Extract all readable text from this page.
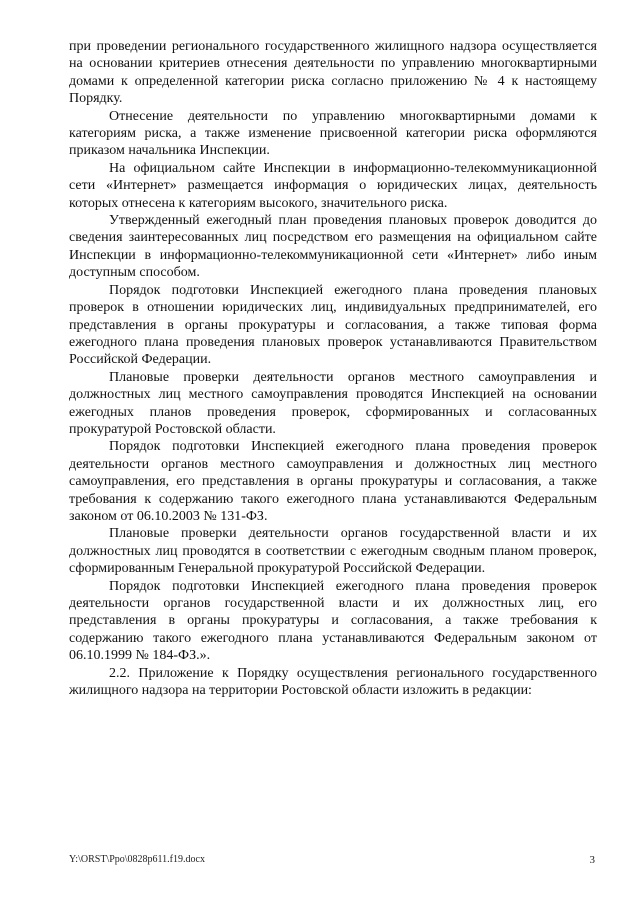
при проведении регионального государственного жилищного надзора осуществляется на основании критериев отнесения деятельности по управлению многоквартирными домами к определенной категории риска согласно приложению № 4 к настоящему Порядку.

Отнесение деятельности по управлению многоквартирными домами к категориям риска, а также изменение присвоенной категории риска оформляются приказом начальника Инспекции.

На официальном сайте Инспекции в информационно-телекоммуникационной сети «Интернет» размещается информация о юридических лицах, деятельность которых отнесена к категориям высокого, значительного риска.

Утвержденный ежегодный план проведения плановых проверок доводится до сведения заинтересованных лиц посредством его размещения на официальном сайте Инспекции в информационно-телекоммуникационной сети «Интернет» либо иным доступным способом.

Порядок подготовки Инспекцией ежегодного плана проведения плановых проверок в отношении юридических лиц, индивидуальных предпринимателей, его представления в органы прокуратуры и согласования, а также типовая форма ежегодного плана проведения плановых проверок устанавливаются Правительством Российской Федерации.

Плановые проверки деятельности органов местного самоуправления и должностных лиц местного самоуправления проводятся Инспекцией на основании ежегодных планов проведения проверок, сформированных и согласованных прокуратурой Ростовской области.

Порядок подготовки Инспекцией ежегодного плана проведения проверок деятельности органов местного самоуправления и должностных лиц местного самоуправления, его представления в органы прокуратуры и согласования, а также требования к содержанию такого ежегодного плана устанавливаются Федеральным законом от 06.10.2003 № 131-ФЗ.

Плановые проверки деятельности органов государственной власти и их должностных лиц проводятся в соответствии с ежегодным сводным планом проверок, сформированным Генеральной прокуратурой Российской Федерации.

Порядок подготовки Инспекцией ежегодного плана проведения проверок деятельности органов государственной власти и их должностных лиц, его представления в органы прокуратуры и согласования, а также требования к содержанию такого ежегодного плана устанавливаются Федеральным законом от 06.10.1999 № 184-ФЗ.».

2.2. Приложение к Порядку осуществления регионального государственного жилищного надзора на территории Ростовской области изложить в редакции:

Y:\ORST\Ppo\0828p611.f19.docx	3
